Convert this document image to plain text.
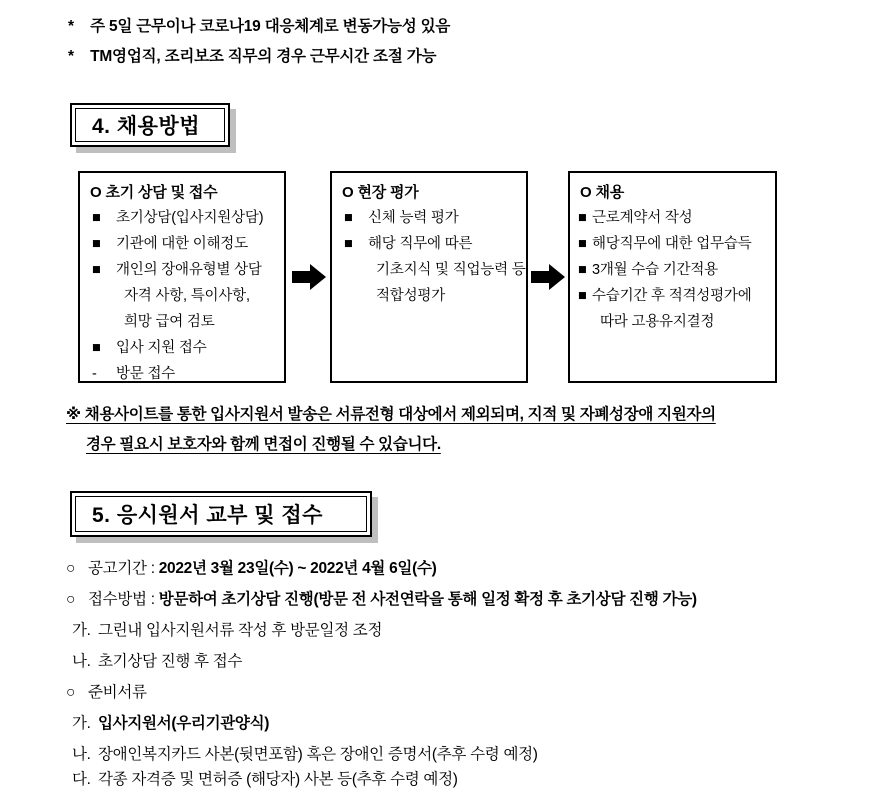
* 주 5일 근무이나 코로나19 대응체계로 변동가능성 있음
* TM영업직, 조리보조 직무의 경우 근무시간 조절 가능
4. 채용방법
O 초기 상담 및 접수
■	초기상담(입사지원상담)
■	기관에 대한 이해정도
■	개인의 장애유형별 상담
자격 사항, 특이사항,
희망 급여 검토
■	입사 지원 접수
-	방문 접수
O 현장 평가
■	신체 능력 평가
■	해당 직무에 따른
기초지식 및 직업능력 등
적합성평가
O 채용
■ 근로계약서 작성
■ 해당직무에 대한 업무습득
■ 3개월 수습 기간적용
■ 수습기간 후 적격성평가에
따라 고용유지결정
※ 채용사이트를 통한 입사지원서 발송은 서류전형 대상에서 제외되며, 지적 및 자폐성장애 지원자의
경우 필요시 보호자와 함께 면접이 진행될 수 있습니다.
5. 응시원서 교부 및 접수
○ 공고기간 : 2022년 3월 23일(수) ~ 2022년 4월 6일(수)
○ 접수방법 : 방문하여 초기상담 진행(방문 전 사전연락을 통해 일정 확정 후 초기상담 진행 가능)
가. 그린내 입사지원서류 작성 후 방문일정 조정
나. 초기상담 진행 후 접수
○ 준비서류
가. 입사지원서(우리기관양식)
나. 장애인복지카드 사본(뒷면포함) 혹은 장애인 증명서(추후 수령 예정)
다. 각종 자격증 및 면허증 (해당자) 사본 등(추후 수령 예정)
